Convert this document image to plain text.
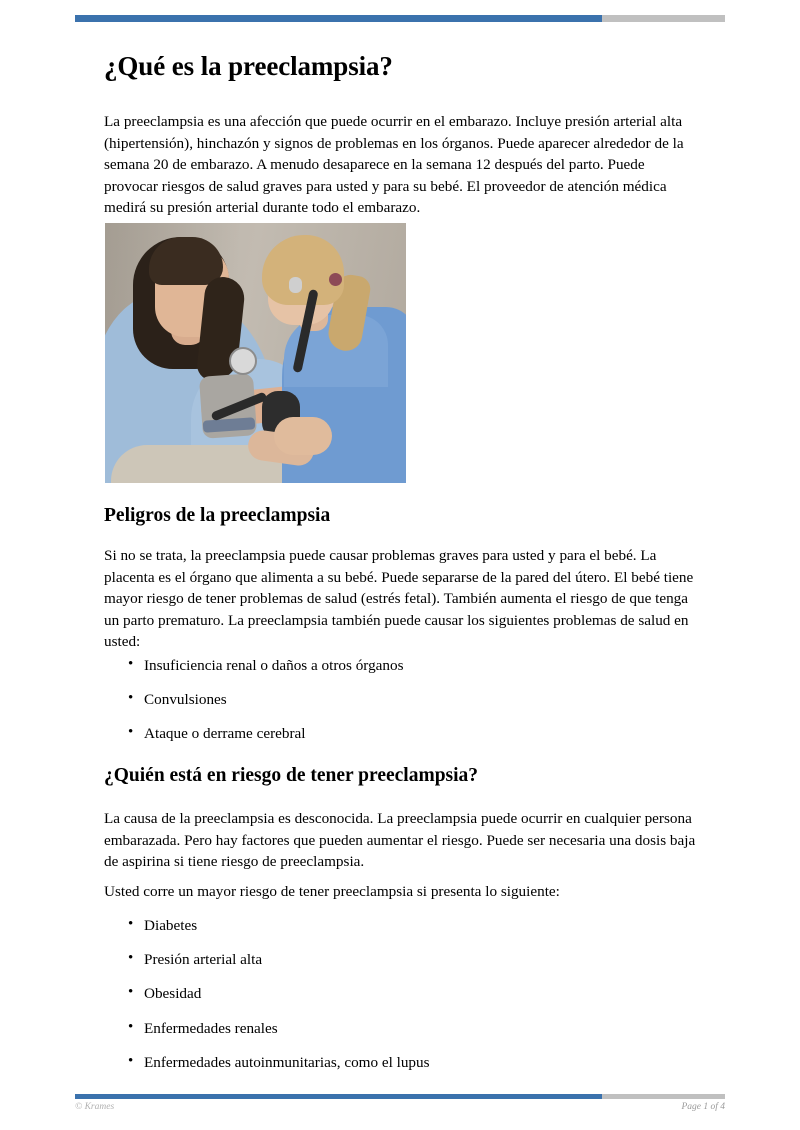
¿Qué es la preeclampsia?

La preeclampsia es una afección que puede ocurrir en el embarazo. Incluye presión arterial alta (hipertensión), hinchazón y signos de problemas en los órganos. Puede aparecer alrededor de la semana 20 de embarazo. A menudo desaparece en la semana 12 después del parto. Puede provocar riesgos de salud graves para usted y para su bebé. El proveedor de atención médica medirá su presión arterial durante todo el embarazo.

Peligros de la preeclampsia

Si no se trata, la preeclampsia puede causar problemas graves para usted y para el bebé. La placenta es el órgano que alimenta a su bebé. Puede separarse de la pared del útero. El bebé tiene mayor riesgo de tener problemas de salud (estrés fetal). También aumenta el riesgo de que tenga un parto prematuro. La preeclampsia también puede causar los siguientes problemas de salud en usted:

• Insuficiencia renal o daños a otros órganos
• Convulsiones
• Ataque o derrame cerebral
¿Quién está en riesgo de tener preeclampsia?

La causa de la preeclampsia es desconocida. La preeclampsia puede ocurrir en cualquier persona embarazada. Pero hay factores que pueden aumentar el riesgo. Puede ser necesaria una dosis baja de aspirina si tiene riesgo de preeclampsia.

Usted corre un mayor riesgo de tener preeclampsia si presenta lo siguiente:

• Diabetes
• Presión arterial alta
• Obesidad
• Enfermedades renales
• Enfermedades autoinmunitarias, como el lupus
© Krames	Page 1 of 4
